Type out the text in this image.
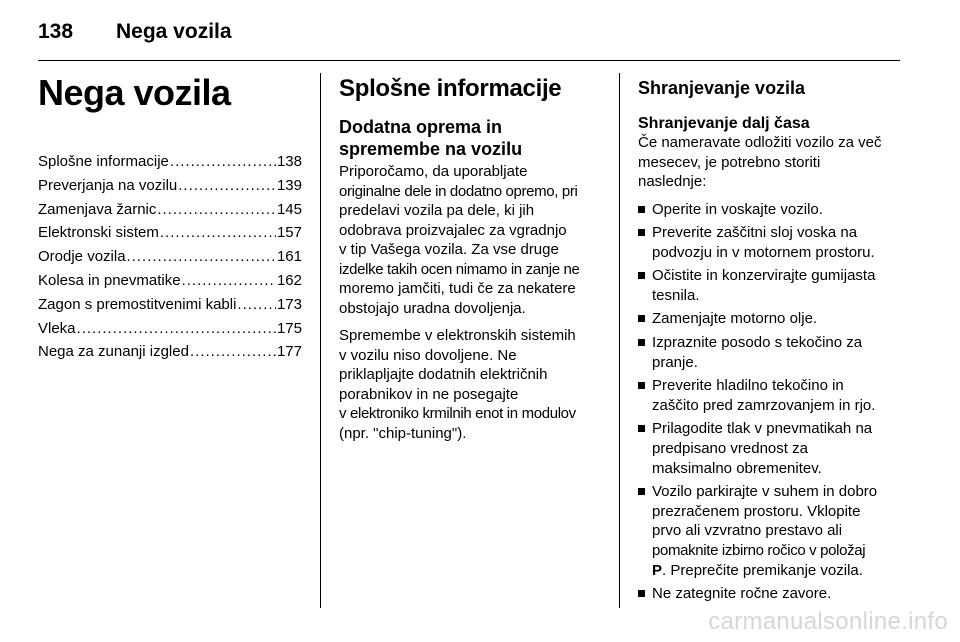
138 Nega vozila
Nega vozila
Splošne informacije .....	138
Preverjanja na vozilu .....	139
Zamenjava žarnic .....	145
Elektronski sistem .....	157
Orodje vozila .....	161
Kolesa in pnevmatike .....	162
Zagon s premostitvenimi kabli .....	173
Vleka .....	175
Nega za zunanji izgled .....	177
Splošne informacije
Dodatna oprema in
spremembe na vozilu

Priporočamo, da uporabljate
originalne dele in dodatno opremo, pri
predelavi vozila pa dele, ki jih
odobrava proizvajalec za vgradnjo
v tip Vašega vozila. Za vse druge
izdelke takih ocen nimamo in zanje ne
moremo jamčiti, tudi če za nekatere
obstojajo uradna dovoljenja.

Spremembe v elektronskih sistemih
v vozilu niso dovoljene. Ne
priklapljajte dodatnih električnih
porabnikov in ne posegajte
v elektroniko krmilnih enot in modulov
(npr. "chip-tuning").

Shranjevanje vozila
Shranjevanje dalj časa

Če nameravate odložiti vozilo za več
mesecev, je potrebno storiti
naslednje:

Operite in voskajte vozilo.
Preverite zaščitni sloj voska na
podvozju in v motornem prostoru.
Očistite in konzervirajte gumijasta
tesnila.
Zamenjajte motorno olje.
Izpraznite posodo s tekočino za
pranje.
Preverite hladilno tekočino in
zaščito pred zamrzovanjem in rjo.
Prilagodite tlak v pnevmatikah na
predpisano vrednost za
maksimalno obremenitev.
Vozilo parkirajte v suhem in dobro
prezračenem prostoru. Vklopite
prvo ali vzvratno prestavo ali
pomaknite izbirno ročico v položaj
P. Preprečite premikanje vozila.
Ne zategnite ročne zavore.
carmanualsonline.info
